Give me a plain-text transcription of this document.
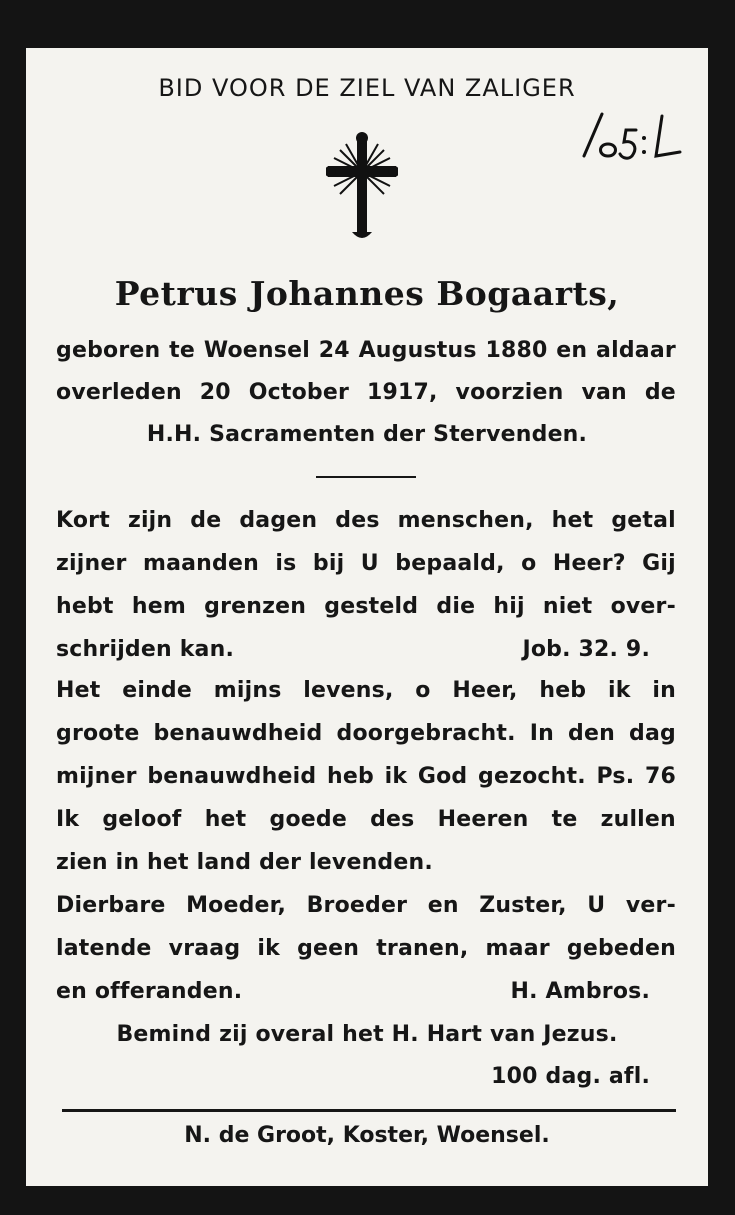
BID VOOR DE ZIEL VAN ZALIGER
Petrus Johannes Bogaarts,
geboren te Woensel 24 Augustus 1880 en aldaar
overleden 20 October 1917, voorzien van de
H.H. Sacramenten der Stervenden.
Kort zijn de dagen des menschen, het getal
zijner maanden is bij U bepaald, o Heer? Gij
hebt hem grenzen gesteld die hij niet over-
schrijden kan.	Job. 32. 9.
Het einde mijns levens, o Heer, heb ik in
groote benauwdheid doorgebracht. In den dag
mijner benauwdheid heb ik God gezocht. Ps. 76
Ik geloof het goede des Heeren te zullen
zien in het land der levenden.
Dierbare Moeder, Broeder en Zuster, U ver-
latende vraag ik geen tranen, maar gebeden
en offeranden.	H. Ambros.
Bemind zij overal het H. Hart van Jezus.
100 dag. afl.
N. de Groot, Koster, Woensel.
